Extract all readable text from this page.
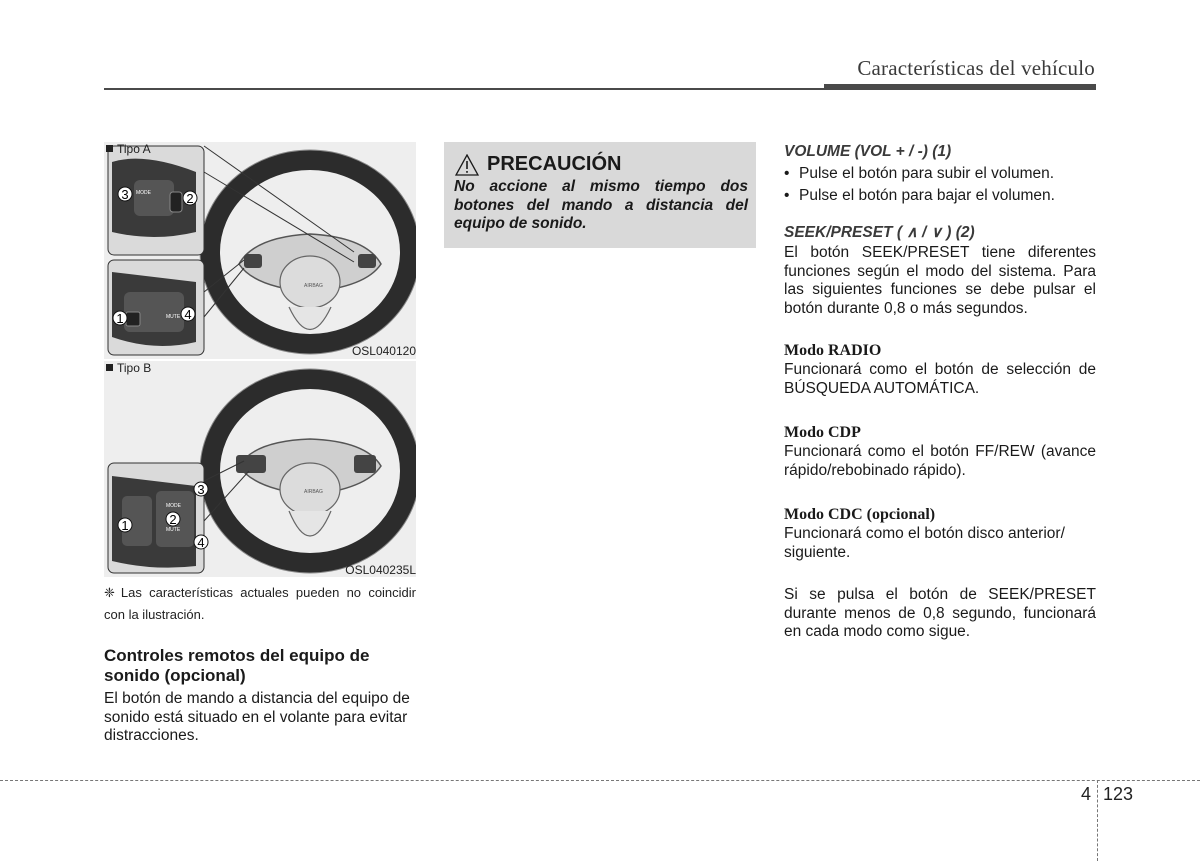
Características del vehículo
AIRBAG
MODE
MUTE
3	2
1	4
Tipo A
OSL040120
AIRBAG
MODE
MUTE
3
2
1
4
Tipo B
OSL040235L
❈ Las características actuales pueden no coincidir con la ilustración.
Controles remotos del equipo de sonido (opcional)

El botón de mando a distancia del equipo de sonido está situado en el volante para evitar distracciones.

PRECAUCIÓN
No accione al mismo tiempo dos botones del mando a distancia del equipo de sonido.
VOLUME (VOL + / -) (1)
• Pulse el botón para subir el volumen.
• Pulse el botón para bajar el volumen.
SEEK/PRESET ( ∧ / ∨ ) (2)

El botón SEEK/PRESET tiene diferentes funciones según el modo del sistema. Para las siguientes funciones se debe pulsar el botón durante 0,8 o más segundos.

Modo RADIO

Funcionará como el botón de selección de BÚSQUEDA AUTOMÁTICA.

Modo CDP

Funcionará como el botón FF/REW (avance rápido/rebobinado rápido).

Modo CDC (opcional)

Funcionará como el botón disco anterior/ siguiente.

Si se pulsa el botón de SEEK/PRESET durante menos de 0,8 segundo, funcionará en cada modo como sigue.

4 123
